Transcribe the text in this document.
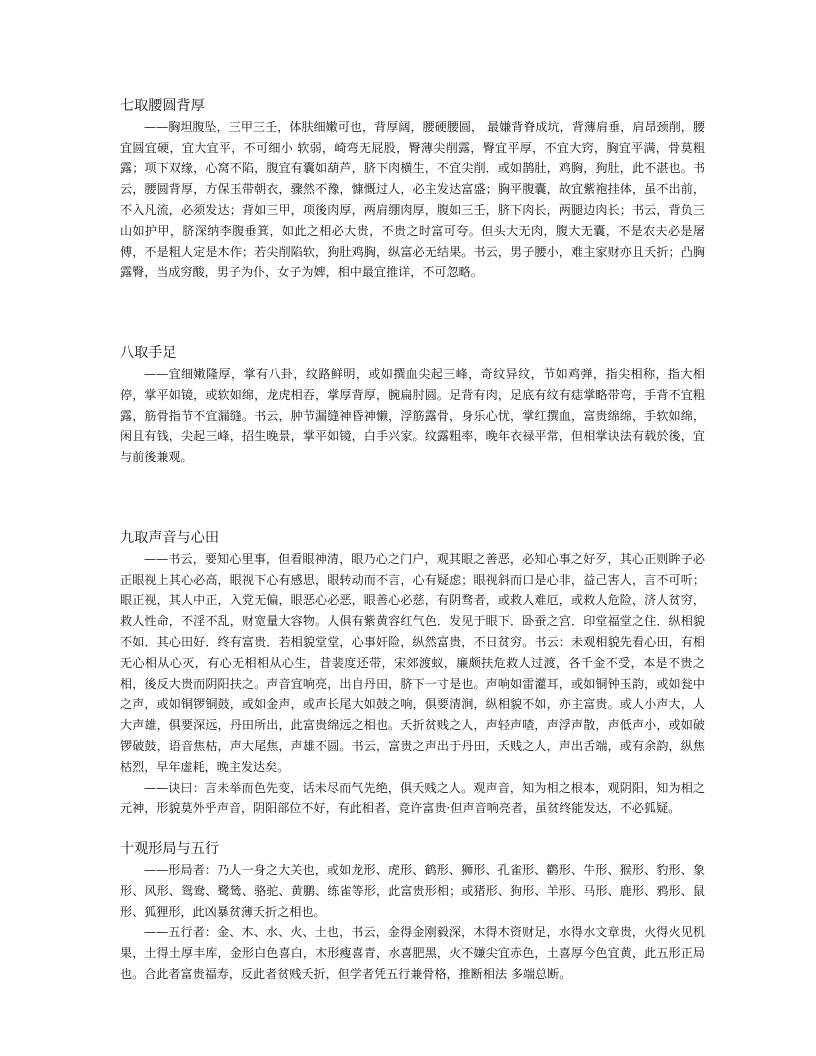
七取腰圆背厚

——胸坦腹坠，三甲三壬，体肤细嫩可也，背厚阔，腰硬腰圆， 最嫌背脊成坑，背薄肩垂，肩昂颈削，腰宜圆宜硬，宜大宜平，不可细小 软弱，崎弯无屁股，臀薄尖削露，臀宜平厚，不宜大窍，胸宜平满，骨莫粗露；项下双缘，心窝不陷，腹宜有囊如葫芦，脐下肉横生，不宜尖削．或如鹊肚，鸡胸，狗肚，此不湛也。书云，腰圆背厚，方保玉带朝衣，骤然不豫，慷慨过人，必主发达富盛；胸平腹囊，故宜紫袍挂体，虽不出前，不入凡流，必须发达；背如三甲，项後肉厚，两肩绷肉厚，腹如三壬，脐下肉长，两腿边肉长；书云，背负三山如护甲，脐深纳李腹垂箕，如此之相必大贵，不贵之时富可夸。但头大无肉，腹大无囊，不是农夫必是屠傅，不是粗人定是木作；若尖削陷软，狗肚鸡胸，纵富必无结果。书云，男子腰小，难主家财亦且夭折；凸胸露臀，当成穷酸，男子为仆，女子为婢，相中最宜推详，不可忽略。

八取手足

——宜细嫩隆厚，掌有八卦，纹路鲜明，或如撰血尖起三峰，奇纹异纹，节如鸡弹，指尖相称，指大相停，掌平如镜，或软如绵，龙虎相吞，掌厚背厚，腕扁肘圆。足背有肉，足底有纹有痣掌略带弯，手背不宜粗露，筋骨指节不宜漏缝。书云，肿节漏缝神昏神懒，浮筋露骨，身乐心忧，掌红撰血，富贵绵绵，手软如绵，闲且有钱，尖起三峰，招生晚景，掌平如镜，白手兴家。纹露粗率，晚年衣禄平常，但相掌诀法有载於後，宜与前後兼观。

九取声音与心田

——书云，要知心里事，但看眼神清，眼乃心之门户，观其眼之善恶，必知心事之好歹，其心正则眸子必正眼视上其心必高，眼视下心有感思，眼转动而不言，心有疑虑；眼视斜而口是心非，益己害人，言不可听；眼正视，其人中正，入党无偏，眼恶心必恶，眼善心必慈，有阴骛者，或救人难厄，或救人危险，济人贫穷，救人性命，不淫不乱，财宽量大容物。人俱有紫黄容红气色．发见于眼下．卧蚕之宫．印堂福堂之住．纵相貌不如．其心田好．终有富贵．若相貌堂堂，心事奸险，纵然富贵，不日贫穷。书云：未观相貌先看心田，有相无心相从心灭，有心无相相从心生，昔裴度还带，宋郊渡蚁，廉颇扶危救人过渡，各千金不受，本是不贵之相，後反大贵而阴阳扶之。声音宜响亮，出自丹田，脐下一寸是也。声响如雷灌耳，或如铜钟玉韵，或如瓮中之声，或如铜锣铜鼓，或如金声，或声长尾大如鼓之响，俱要清涧，纵相貌不如，亦主富贵。或人小声大，人大声雄，俱要深远，丹田所出，此富贵绵远之相也。夭折贫贱之人，声轻声喳，声浮声散，声低声小，或如破锣破鼓，语音焦枯，声大尾焦，声雄不圆。书云，富贵之声出于丹田，夭贱之人，声出舌端，或有余韵，纵焦枯烈，早年虚耗，晚主发达矣。

——诀曰：言未举而色先变，话未尽而气先绝，俱夭贱之人。观声音，知为相之根本，观阴阳，知为相之元神，形貌莫外乎声音，阴阳部位不好，有此相者，竞许富贵·但声音响亮者，虽贫终能发达，不必狐疑。

十观形局与五行

——形局者：乃人一身之大关也，或如龙形、虎形、鹤形、狮形、孔雀形、鹳形、牛形、猴形、豹形、象形、风形、鸳鸯、鹭鸶、骆驼、黄鹏、练雀等形，此富贵形相；或猪形、狗形、羊形、马形、鹿形、鸦形、鼠形、狐狸形，此凶暴贫薄夭折之相也。

——五行者：金、木、水、火、土也，书云，金得金刚毅深，木得木资财足，水得水文章贵，火得火见机果，土得土厚丰库，金形白色喜白，木形瘦喜青，水喜肥黑，火不嫌尖宜赤色，土喜厚今色宜黄，此五形正局也。合此者富贵福寿，反此者贫贱夭折，但学者凭五行兼骨格，推断相法 多端总断。
